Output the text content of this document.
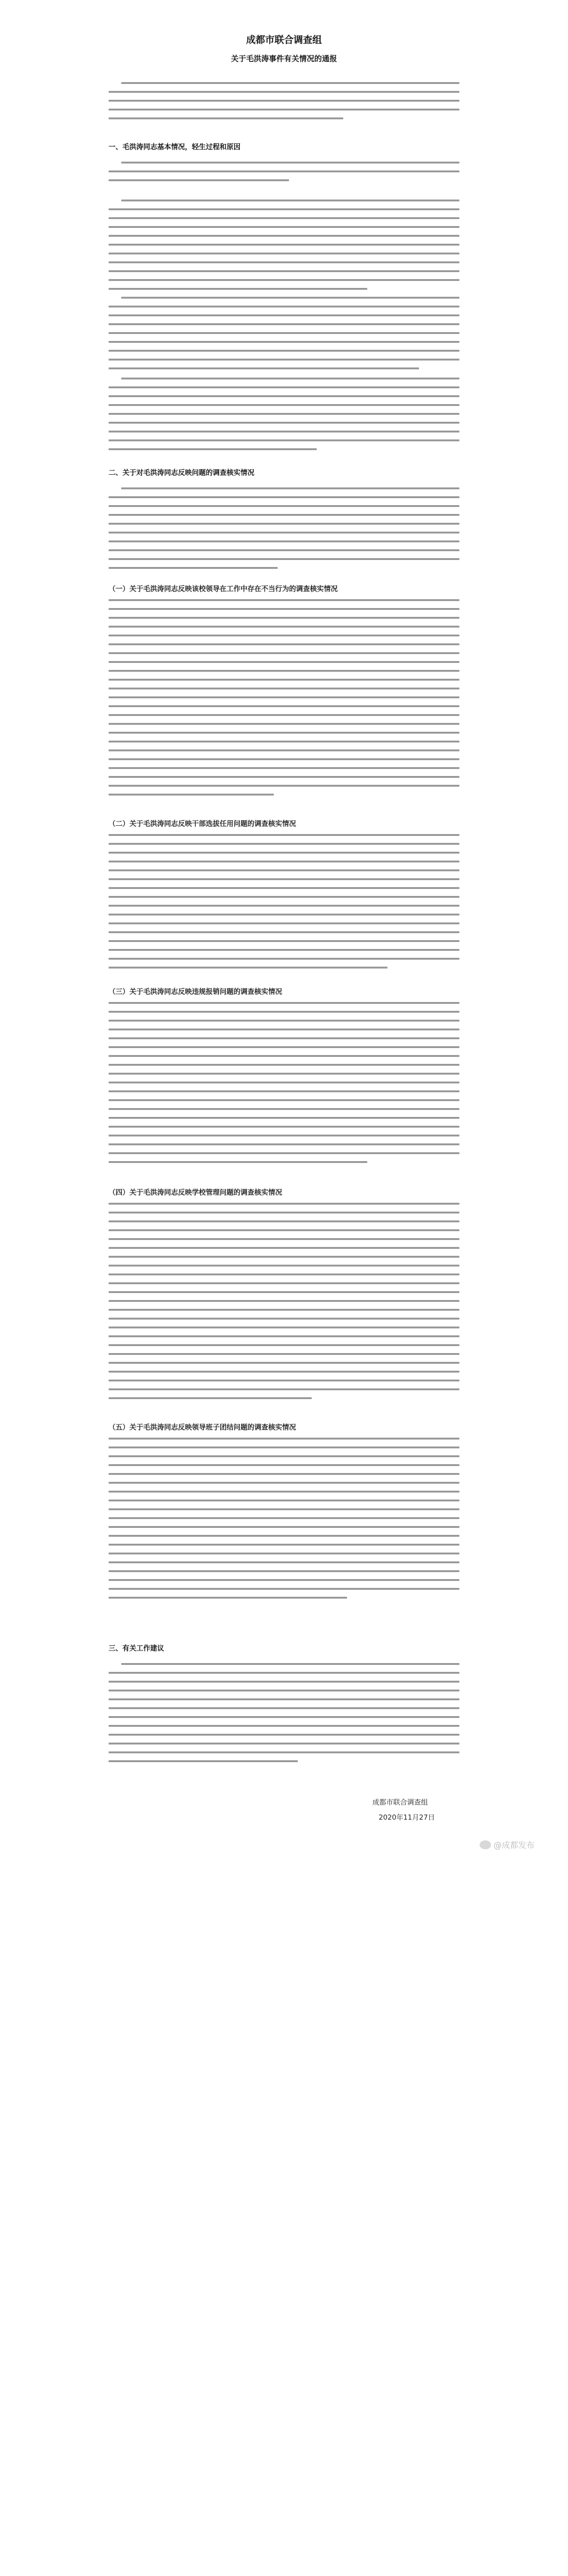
成都市联合调查组
关于毛洪涛事件有关情况的通报
一、毛洪涛同志基本情况，轻生过程和原因
二、关于对毛洪涛同志反映问题的调查核实情况
（一）关于毛洪涛同志反映该校领导在工作中存在不当行为的调查核实情况
（二）关于毛洪涛同志反映干部选拔任用问题的调查核实情况
（三）关于毛洪涛同志反映违规报销问题的调查核实情况
（四）关于毛洪涛同志反映学校管理问题的调查核实情况
（五）关于毛洪涛同志反映领导班子团结问题的调查核实情况
三、有关工作建议
成都市联合调查组
2020年11月27日
@成都发布
